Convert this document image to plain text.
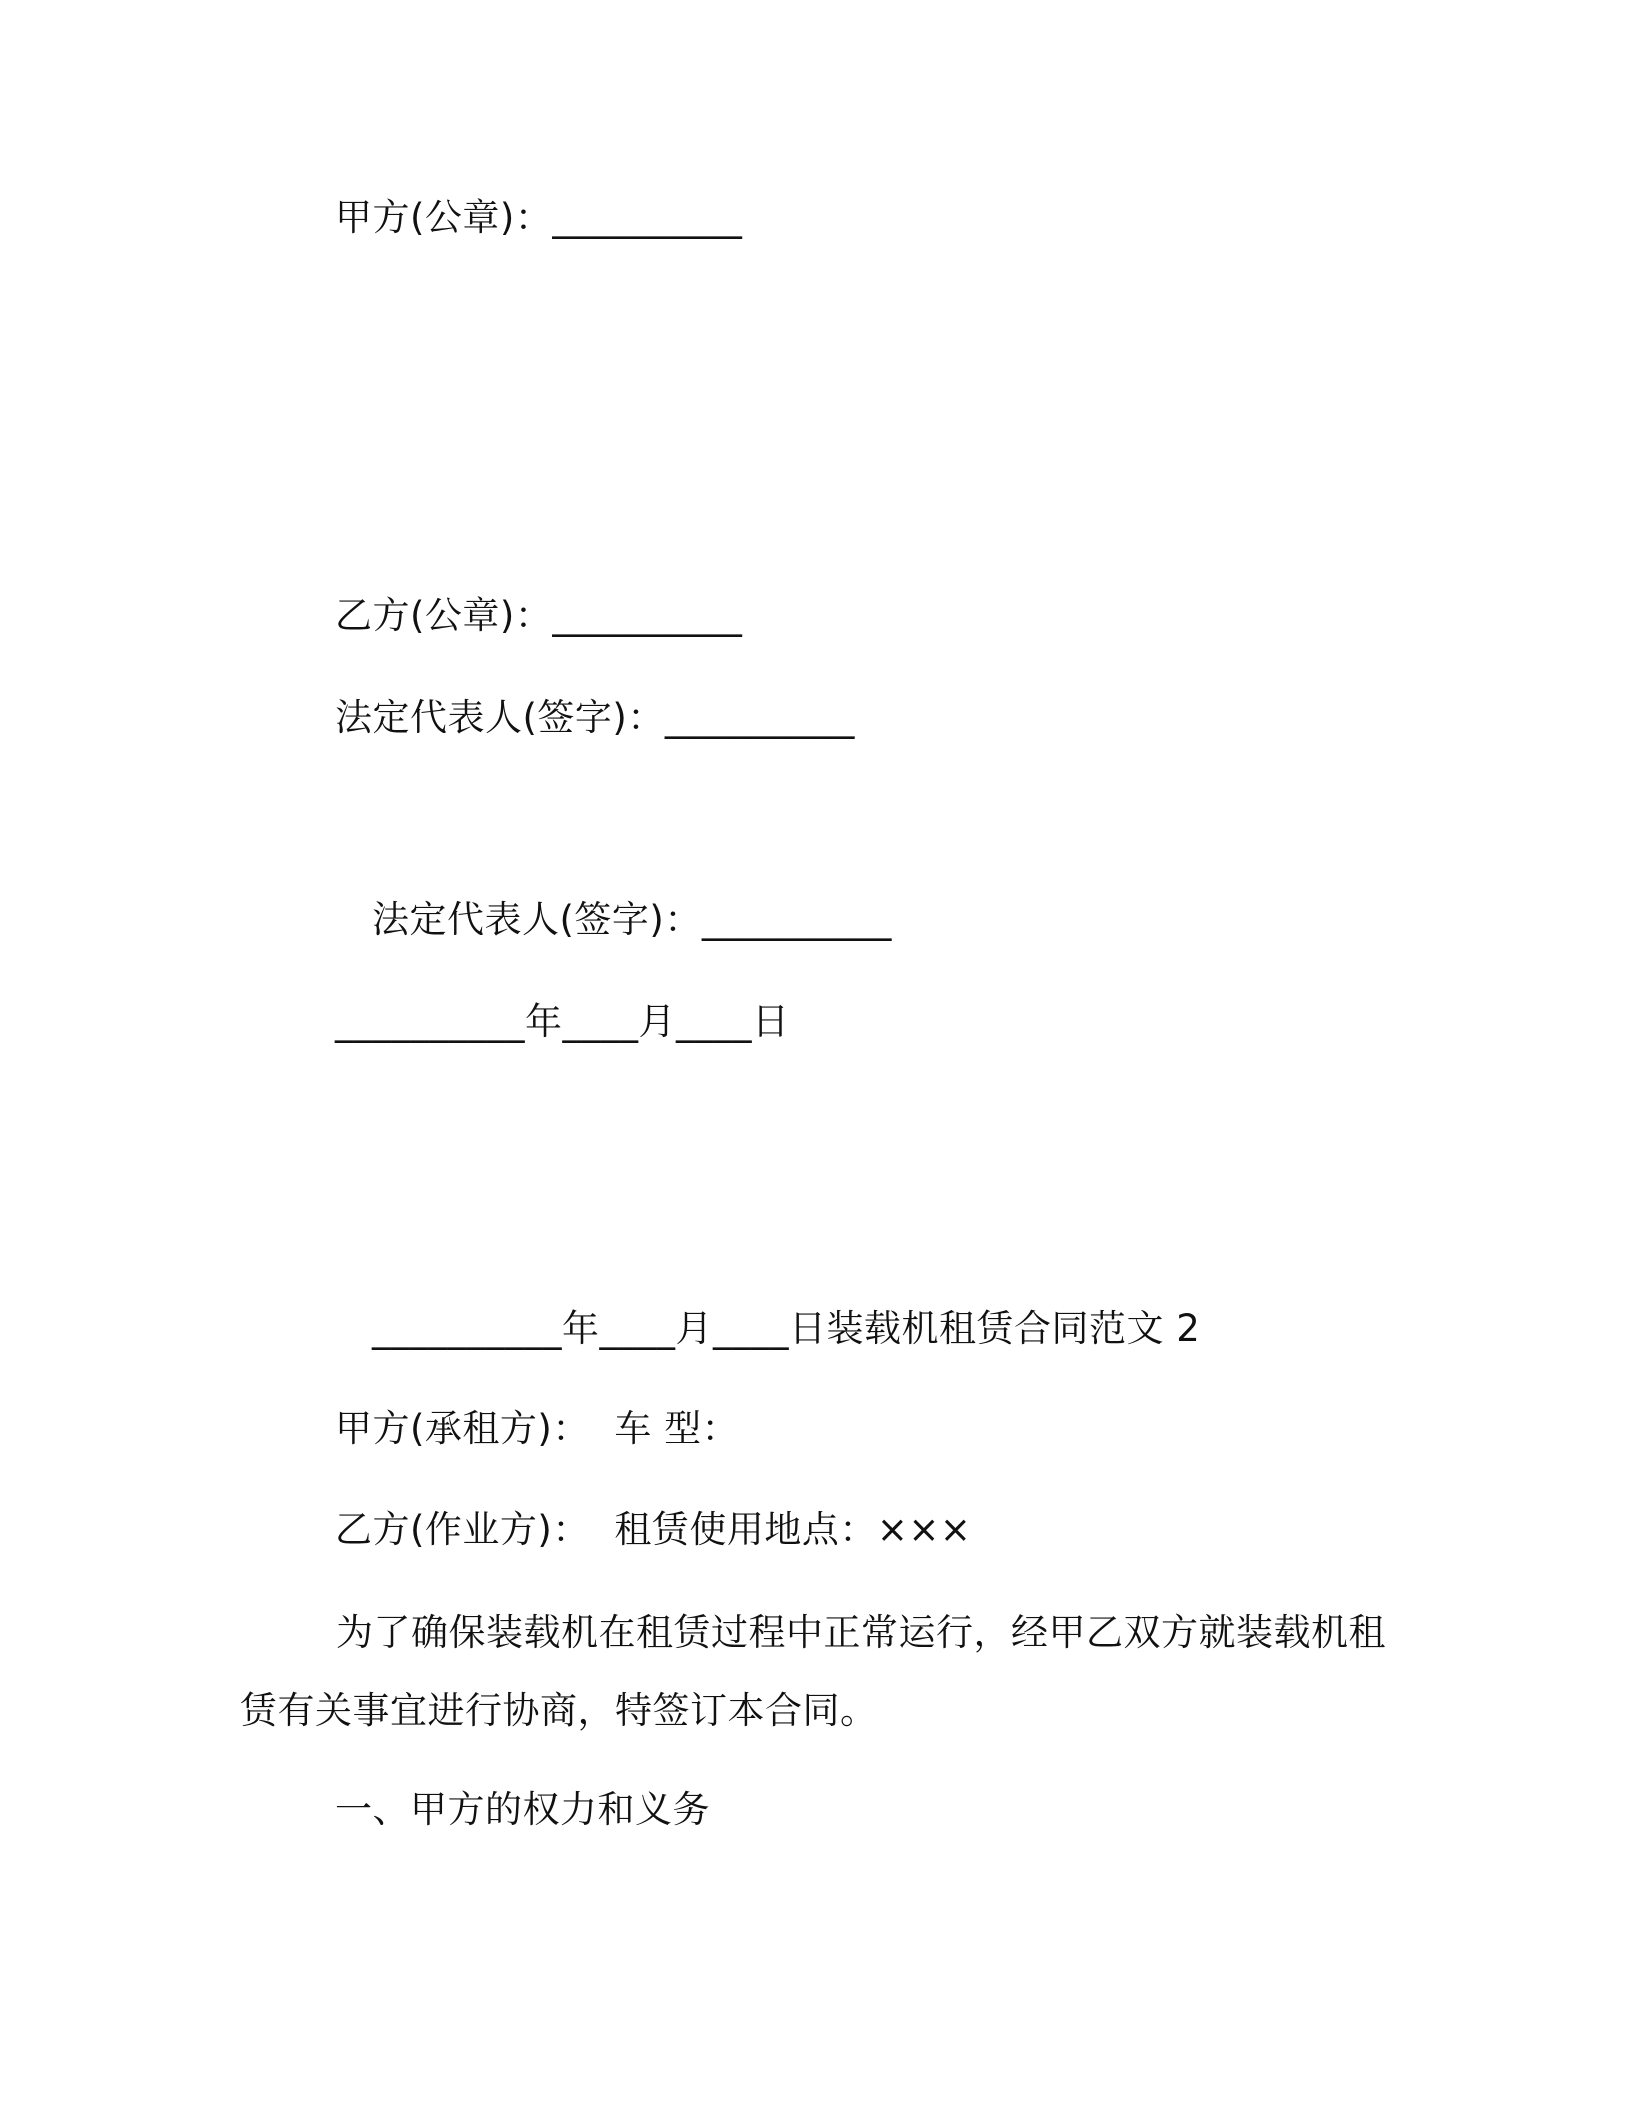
甲方(公章)：__________
乙方(公章)：__________
法定代表人(签字)：__________
法定代表人(签字)：__________
__________年____月____日
__________年____月____日装载机租赁合同范文 2
甲方(承租方)：  车 型：
乙方(作业方)：  租赁使用地点：×××
为了确保装载机在租赁过程中正常运行，经甲乙双方就装载机租赁有关事宜进行协商，特签订本合同。
一、甲方的权力和义务
